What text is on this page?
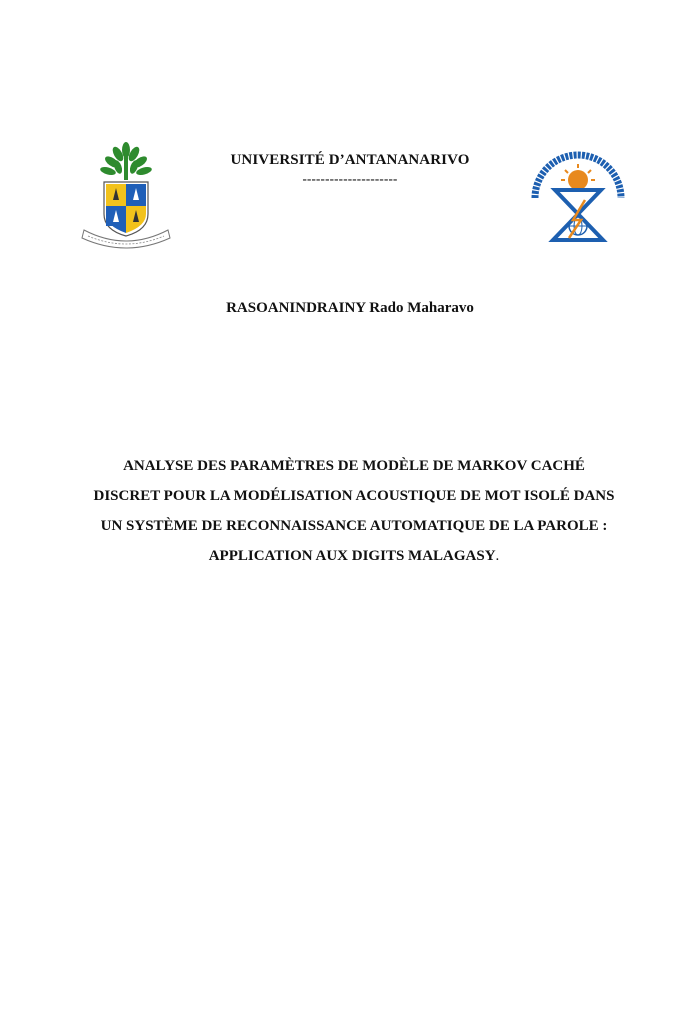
UNIVERSITÉ D’ANTANANARIVO
---------------------
RASOANINDRAINY Rado Maharavo
ANALYSE DES PARAMÈTRES DE MODÈLE DE MARKOV CACHÉ DISCRET POUR LA MODÉLISATION ACOUSTIQUE DE MOT ISOLÉ DANS UN SYSTÈME DE RECONNAISSANCE AUTOMATIQUE DE LA PAROLE : APPLICATION AUX DIGITS MALAGASY.
